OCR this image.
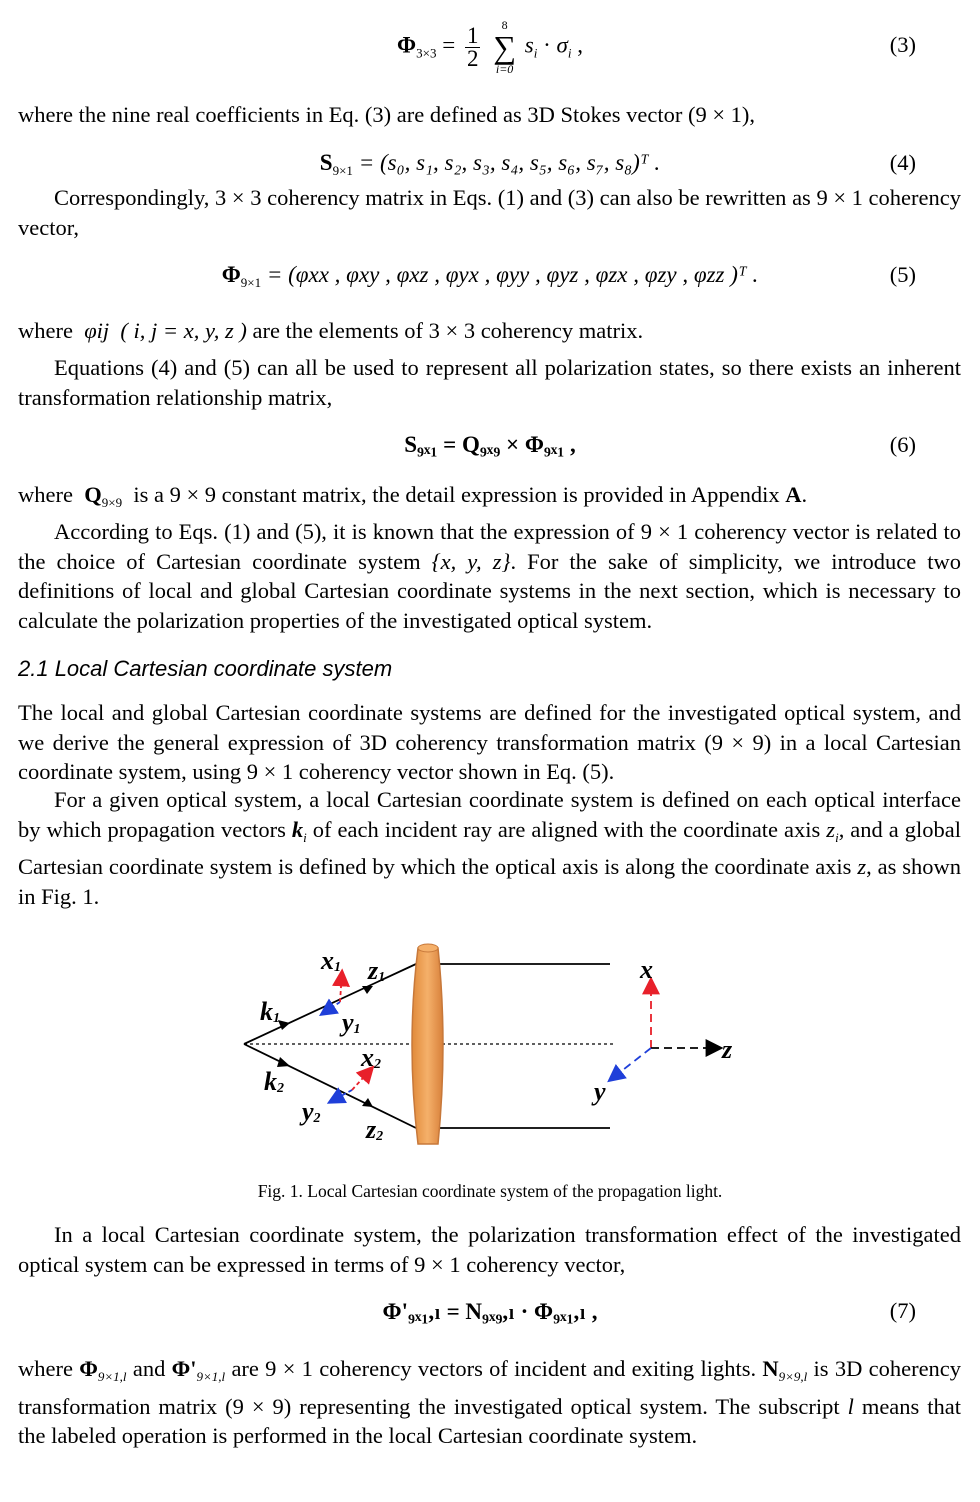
$\Phi_{3\times 3} = \frac{1}{2}$
	8
∑
i=0
$s_i \cdot \sigma_i$ ,	(3)

where the nine real coefficients in Eq. (3) are defined as 3D Stokes vector (9 × 1),

$S_{9\times 1} = (s_0$, s₁, s₂, s₃, s₄, s₅, s₆, s₇, s₈)ᵀ .	(4)

Correspondingly, 3 × 3 coherency matrix in Eqs. (1) and (3) can also be rewritten as 9 × 1 coherency vector,

$\Phi_{9\times 1} = (\varphi xx$ , φxy , φxz , φyx , φyy , φyz , φzx , φzy , φzz )ᵀ .	(5)

where φij ( i, j = x, y, z ) are the elements of 3 × 3 coherency matrix.

Equations (4) and (5) can all be used to represent all polarization states, so there exists an inherent transformation relationship matrix,

S₉ₓ₁ = Q₉ₓ₉ × Φ₉ₓ₁ ,	(6)

where $Q_{9\times 9}$ is a 9 × 9 constant matrix, the detail expression is provided in Appendix A.

According to Eqs. (1) and (5), it is known that the expression of 9 × 1 coherency vector is related to the choice of Cartesian coordinate system {x, y, z}. For the sake of simplicity, we introduce two definitions of local and global Cartesian coordinate systems in the next section, which is necessary to calculate the polarization properties of the investigated optical system.

2.1 Local Cartesian coordinate system

The local and global Cartesian coordinate systems are defined for the investigated optical system, and we derive the general expression of 3D coherency transformation matrix (9 × 9) in a local Cartesian coordinate system, using 9 × 1 coherency vector shown in Eq. (5).

For a given optical system, a local Cartesian coordinate system is defined on each optical interface by which propagation vectors $k_i$ of each incident ray are aligned with the coordinate axis $z_i$, and a global Cartesian coordinate system is defined by which the optical axis is along the coordinate axis z, as shown in Fig. 1.

x1 z1
k1 y1
x2
k2
y2 z2
x
y
z
Fig. 1. Local Cartesian coordinate system of the propagation light.

In a local Cartesian coordinate system, the polarization transformation effect of the investigated optical system can be expressed in terms of 9 × 1 coherency vector,

Φ'₉ₓ₁,ₗ = N₉ₓ₉,ₗ · Φ₉ₓ₁,ₗ ,	(7)

where $\Phi_{9\times 1,l}$ and $\Phi'_{9\times 1,l}$ are 9 × 1 coherency vectors of incident and exiting lights. $N_{9\times 9,l}$ is 3D coherency transformation matrix (9 × 9) representing the investigated optical system. The subscript l means that the labeled operation is performed in the local Cartesian coordinate system.
